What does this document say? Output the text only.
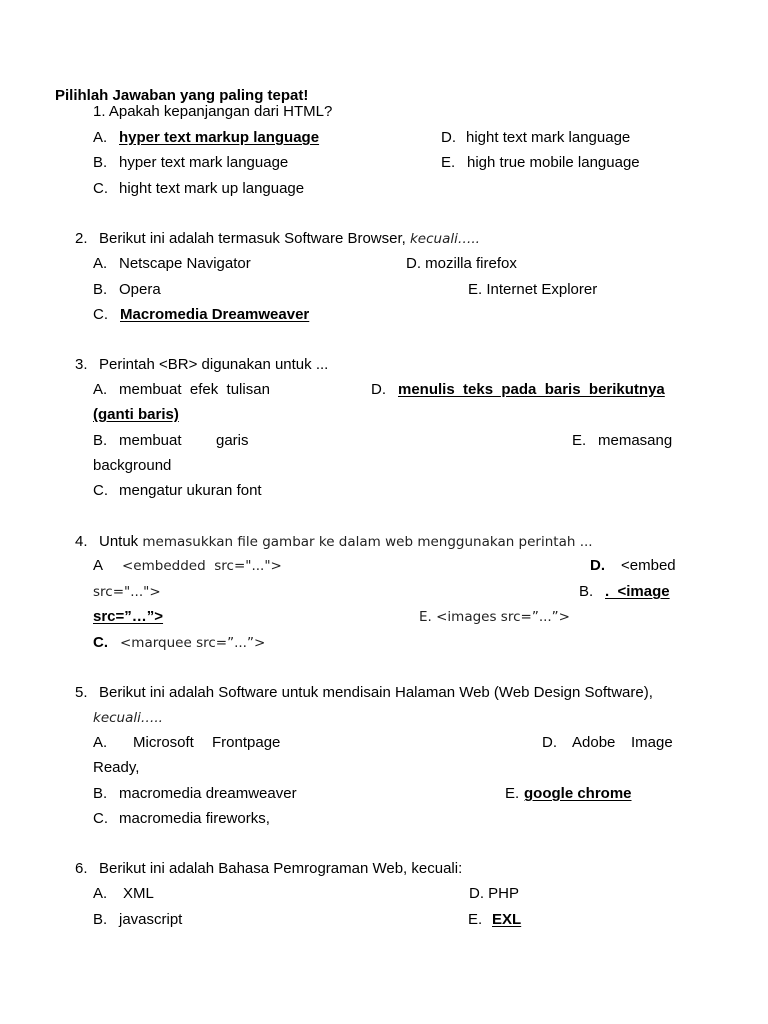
Pilihlah Jawaban yang paling tepat!
1. Apakah kepanjangan dari HTML?
A. hyper text markup language
B. hyper text mark language
C. hight text mark up language
D. hight text mark language
E. high true mobile language
2. Berikut ini adalah termasuk Software Browser, kecuali…..
A. Netscape Navigator
B. Opera
C. Macromedia Dreamweaver
D. mozilla firefox
E. Internet Explorer
3. Perintah <BR> digunakan untuk ...
A. membuat  efek  tulisan	D. menulis  teks  pada  baris  berikutnya
(ganti baris)
B. membuat garis	E. memasang
background
C. mengatur ukuran font
4. Untuk memasukkan file gambar ke dalam web menggunakan perintah ...
A <embedded  src="...">	D. <embed
src="...">	B. .  <image
src=”…”>	E. <images src=”...”>
C. <marquee src=”...”>
5. Berikut ini adalah Software untuk mendisain Halaman Web (Web Design Software),
kecuali…..
A. Microsoft Frontpage	D. Adobe Image
Ready,
B. macromedia dreamweaver	E. google chrome
C. macromedia fireworks,
6. Berikut ini adalah Bahasa Pemrograman Web, kecuali:
A. XML
B. javascript
D. PHP
E. EXL
